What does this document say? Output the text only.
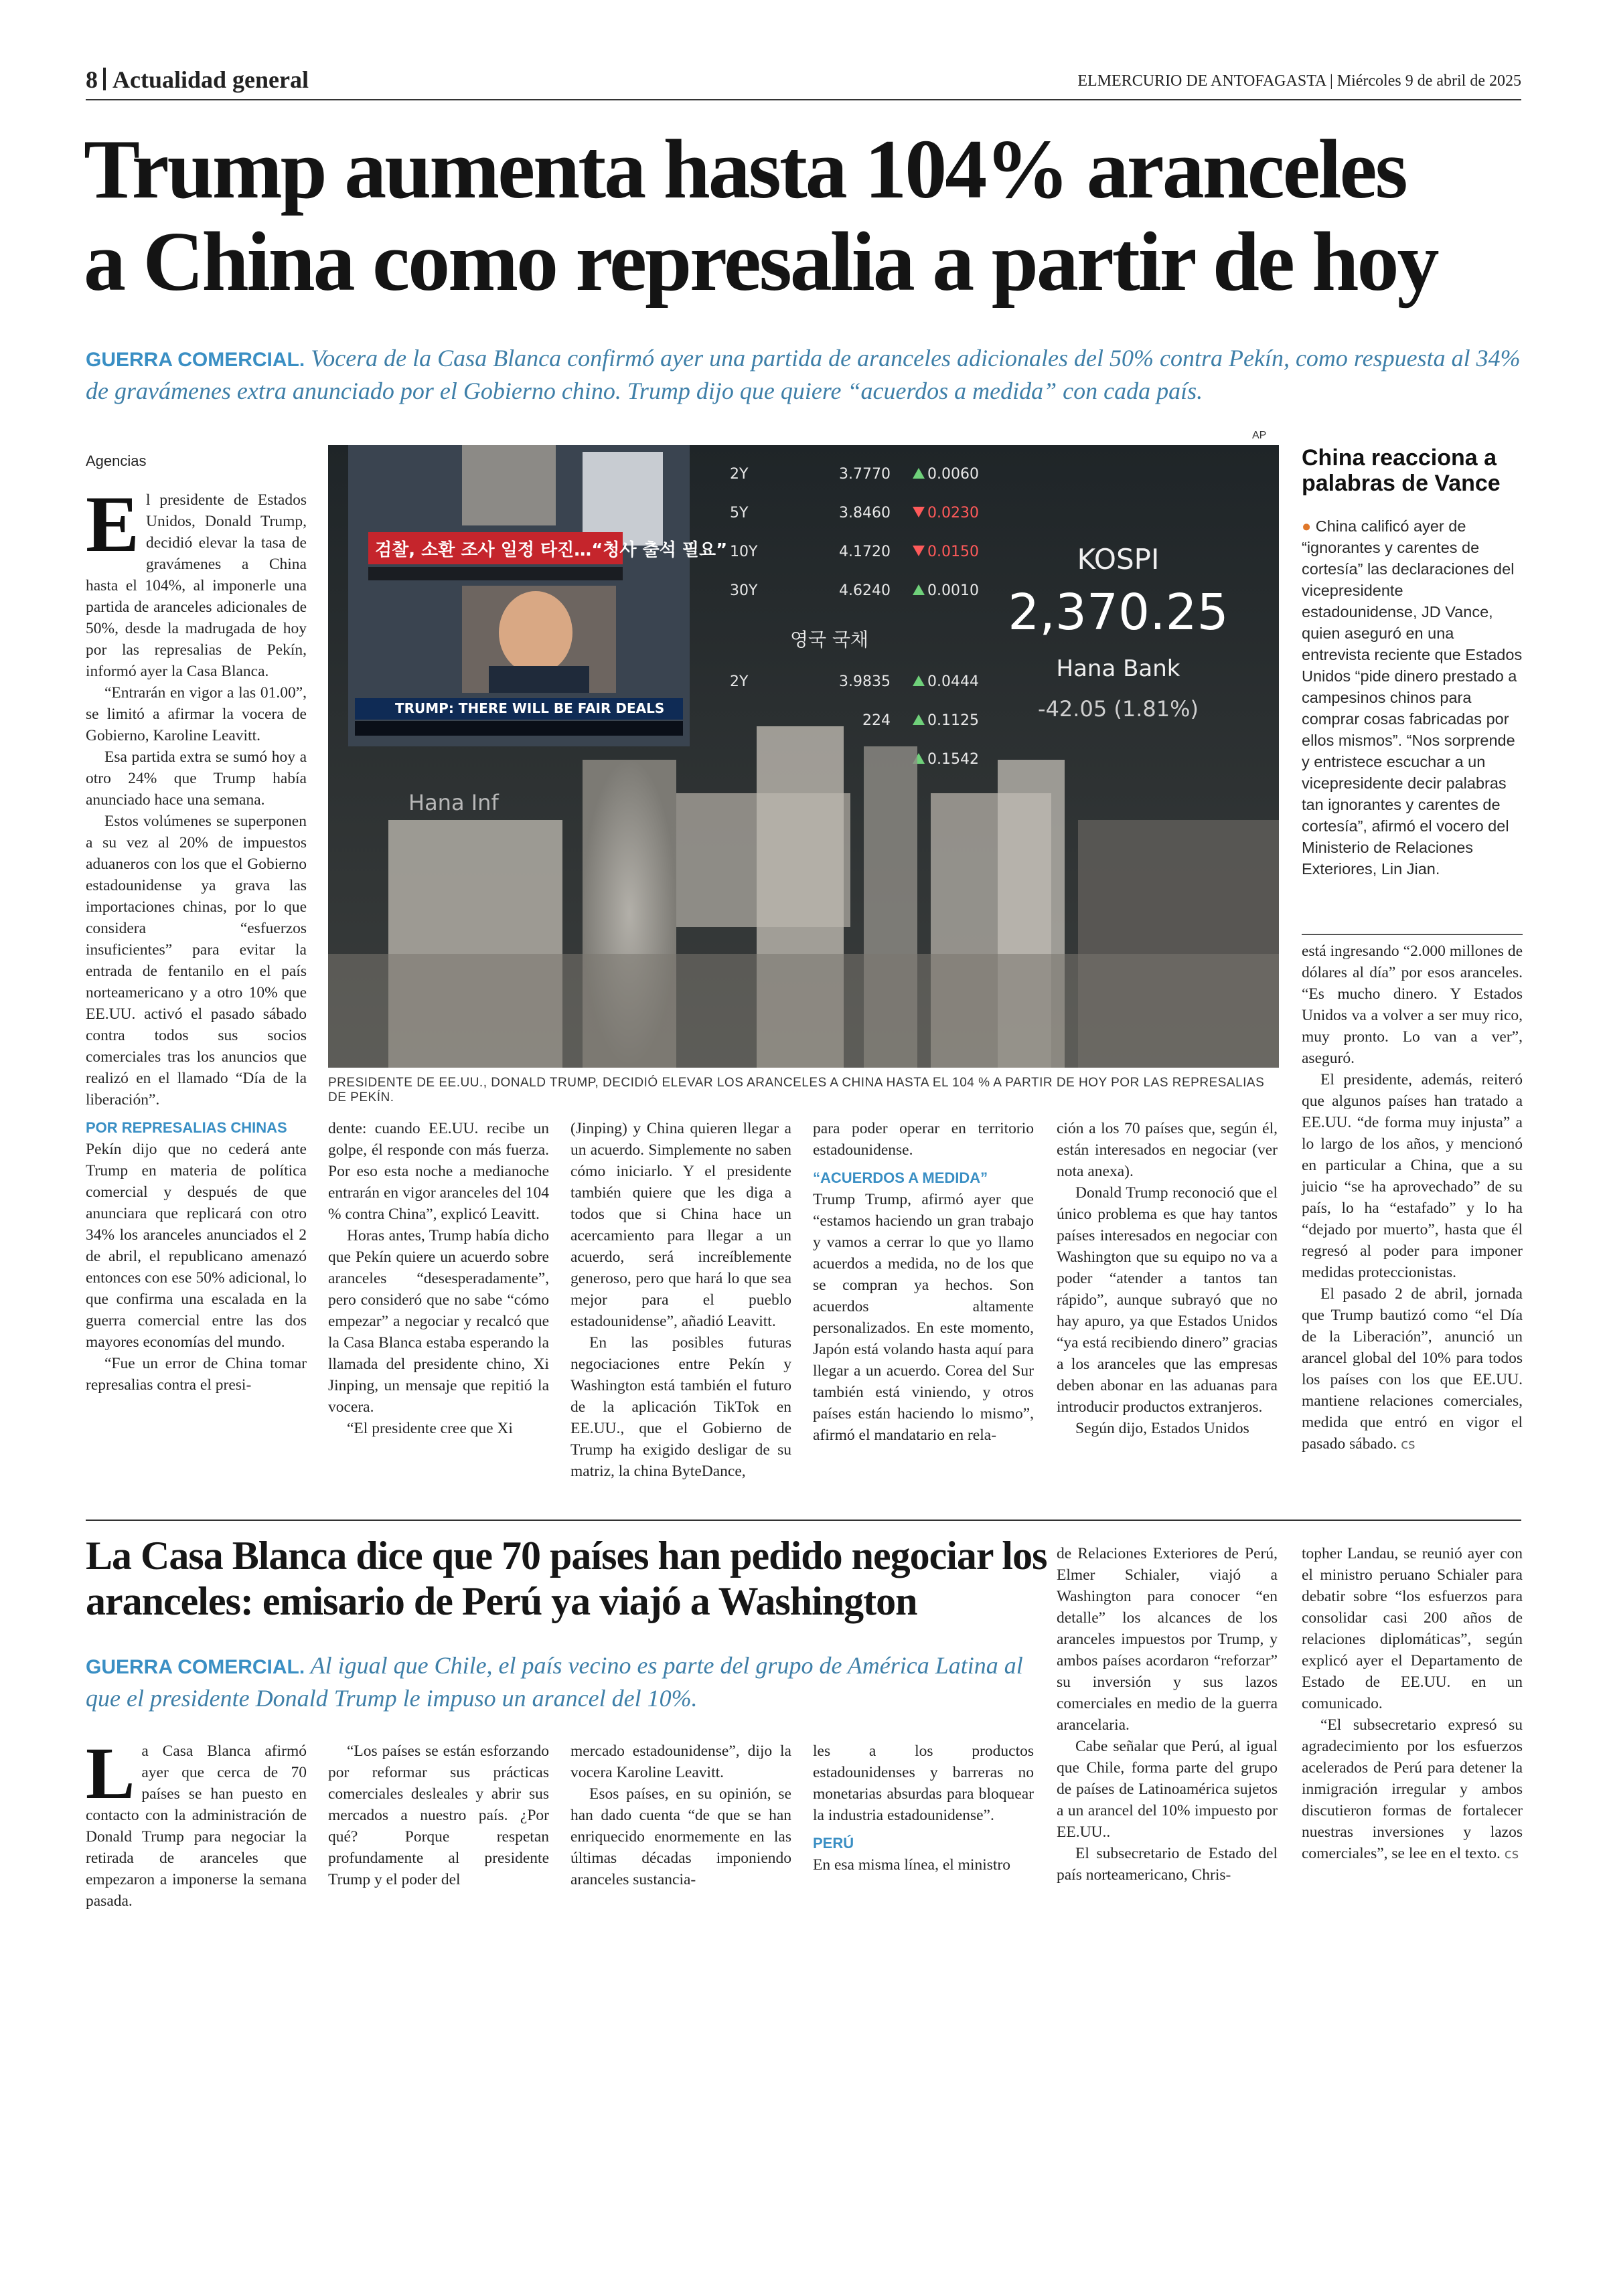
8 Actualidad general	ELMERCURIO DE ANTOFAGASTA | Miércoles 9 de abril de 2025
Trump aumenta hasta 104% aranceles
a China como represalia a partir de hoy
GUERRA COMERCIAL. Vocera de la Casa Blanca confirmó ayer una partida de aranceles adicionales del 50% contra Pekín, como respuesta al 34% de gravámenes extra anunciado por el Gobierno chino. Trump dijo que quiere “acuerdos a medida” con cada país.

Agencias

El presidente de Estados Unidos, Donald Trump, decidió elevar la tasa de gravámenes a China hasta el 104%, al imponerle una partida de aranceles adicionales de 50%, desde la madrugada de hoy por las represalias de Pekín, informó ayer la Casa Blanca.

“Entrarán en vigor a las 01.00”, se limitó a afirmar la vocera de Gobierno, Karoline Leavitt.

Esa partida extra se sumó hoy a otro 24% que Trump había anunciado hace una semana.

Estos volúmenes se superponen a su vez al 20% de impuestos aduaneros con los que el Gobierno estadounidense ya grava las importaciones chinas, por lo que considera “esfuerzos insuficientes” para evitar la entrada de fentanilo en el país norteamericano y a otro 10% que EE.UU. activó el pasado sábado contra todos sus socios comerciales tras los anuncios que realizó en el llamado “Día de la liberación”.

POR REPRESALIAS CHINAS

Pekín dijo que no cederá ante Trump en materia de política comercial y después de que anunciara que replicará con otro 34% los aranceles anunciados el 2 de abril, el republicano amenazó entonces con ese 50% adicional, lo que confirma una escalada en la guerra comercial entre las dos mayores economías del mundo.

“Fue un error de China tomar represalias contra el presi-

AP
검찰, 소환 조사 일정 타진…“청사 출석 필요”
TRUMP: THERE WILL BE FAIR DEALS
2Y	3.7770	0.0060
5Y	3.8460	0.0230
10Y	4.1720	0.0150
30Y	4.6240	0.0010
영국 국채
2Y	3.9835	0.0444
224	0.1125
0.1542
KOSPI
2,370.25
Hana Bank
-42.05 (1.81%)
Hana Inf
PRESIDENTE DE EE.UU., DONALD TRUMP, DECIDIÓ ELEVAR LOS ARANCELES A CHINA HASTA EL 104 % A PARTIR DE HOY POR LAS REPRESALIAS DE PEKÍN.
China reacciona a palabras de Vance
● China calificó ayer de “ignorantes y carentes de cortesía” las declaraciones del vicepresidente estadounidense, JD Vance, quien aseguró en una entrevista reciente que Estados Unidos “pide dinero prestado a campesinos chinos para comprar cosas fabricadas por ellos mismos”. “Nos sorprende y entristece escuchar a un vicepresidente decir palabras tan ignorantes y carentes de cortesía”, afirmó el vocero del Ministerio de Relaciones Exteriores, Lin Jian.

está ingresando “2.000 millones de dólares al día” por esos aranceles. “Es mucho dinero. Y Estados Unidos va a volver a ser muy rico, muy pronto. Lo van a ver”, aseguró.

El presidente, además, reiteró que algunos países han tratado a EE.UU. “de forma muy injusta” a lo largo de los años, y mencionó en particular a China, que a su juicio “se ha aprovechado” de su país, lo ha “estafado” y lo ha “dejado por muerto”, hasta que él regresó al poder para imponer medidas proteccionistas.

El pasado 2 de abril, jornada que Trump bautizó como “el Día de la Liberación”, anunció un arancel global del 10% para todos los países con los que EE.UU. mantiene relaciones comerciales, medida que entró en vigor el pasado sábado. cs

dente: cuando EE.UU. recibe un golpe, él responde con más fuerza. Por eso esta noche a medianoche entrarán en vigor aranceles del 104 % contra China”, explicó Leavitt.

Horas antes, Trump había dicho que Pekín quiere un acuerdo sobre aranceles “desesperadamente”, pero consideró que no sabe “cómo empezar” a negociar y recalcó que la Casa Blanca estaba esperando la llamada del presidente chino, Xi Jinping, un mensaje que repitió la vocera.

“El presidente cree que Xi

(Jinping) y China quieren llegar a un acuerdo. Simplemente no saben cómo iniciarlo. Y el presidente también quiere que les diga a todos que si China hace un acercamiento para llegar a un acuerdo, será increíblemente generoso, pero que hará lo que sea mejor para el pueblo estadounidense”, añadió Leavitt.

En las posibles futuras negociaciones entre Pekín y Washington está también el futuro de la aplicación TikTok en EE.UU., que el Gobierno de Trump ha exigido desligar de su matriz, la china ByteDance,

para poder operar en territorio estadounidense.

“ACUERDOS A MEDIDA”

Trump Trump, afirmó ayer que “estamos haciendo un gran trabajo y vamos a cerrar lo que yo llamo acuerdos a medida, no de los que se compran ya hechos. Son acuerdos altamente personalizados. En este momento, Japón está volando hasta aquí para llegar a un acuerdo. Corea del Sur también está viniendo, y otros países están haciendo lo mismo”, afirmó el mandatario en rela-

ción a los 70 países que, según él, están interesados en negociar (ver nota anexa).

Donald Trump reconoció que el único problema es que hay tantos países interesados en negociar con Washington que su equipo no va a poder “atender a tantos tan rápido”, aunque subrayó que no hay apuro, ya que Estados Unidos “ya está recibiendo dinero” gracias a los aranceles que las empresas deben abonar en las aduanas para introducir productos extranjeros.

Según dijo, Estados Unidos

La Casa Blanca dice que 70 países han pedido negociar los aranceles: emisario de Perú ya viajó a Washington
GUERRA COMERCIAL. Al igual que Chile, el país vecino es parte del grupo de América Latina al que el presidente Donald Trump le impuso un arancel del 10%.

La Casa Blanca afirmó ayer que cerca de 70 países se han puesto en contacto con la administración de Donald Trump para negociar la retirada de aranceles que empezaron a imponerse la semana pasada.

“Los países se están esforzando por reformar sus prácticas comerciales desleales y abrir sus mercados a nuestro país. ¿Por qué? Porque respetan profundamente al presidente Trump y el poder del

mercado estadounidense”, dijo la vocera Karoline Leavitt.

Esos países, en su opinión, se han dado cuenta “de que se han enriquecido enormemente en las últimas décadas imponiendo aranceles sustancia-

les a los productos estadounidenses y barreras no monetarias absurdas para bloquear la industria estadounidense”.

PERÚ

En esa misma línea, el ministro

de Relaciones Exteriores de Perú, Elmer Schialer, viajó a Washington para conocer “en detalle” los alcances de los aranceles impuestos por Trump, y ambos países acordaron “reforzar” su inversión y sus lazos comerciales en medio de la guerra arancelaria.

Cabe señalar que Perú, al igual que Chile, forma parte del grupo de países de Latinoamérica sujetos a un arancel del 10% impuesto por EE.UU..

El subsecretario de Estado del país norteamericano, Chris-

topher Landau, se reunió ayer con el ministro peruano Schialer para debatir sobre “los esfuerzos para consolidar casi 200 años de relaciones diplomáticas”, según explicó ayer el Departamento de Estado de EE.UU. en un comunicado.

“El subsecretario expresó su agradecimiento por los esfuerzos acelerados de Perú para detener la inmigración irregular y ambos discutieron formas de fortalecer nuestras inversiones y lazos comerciales”, se lee en el texto. cs
